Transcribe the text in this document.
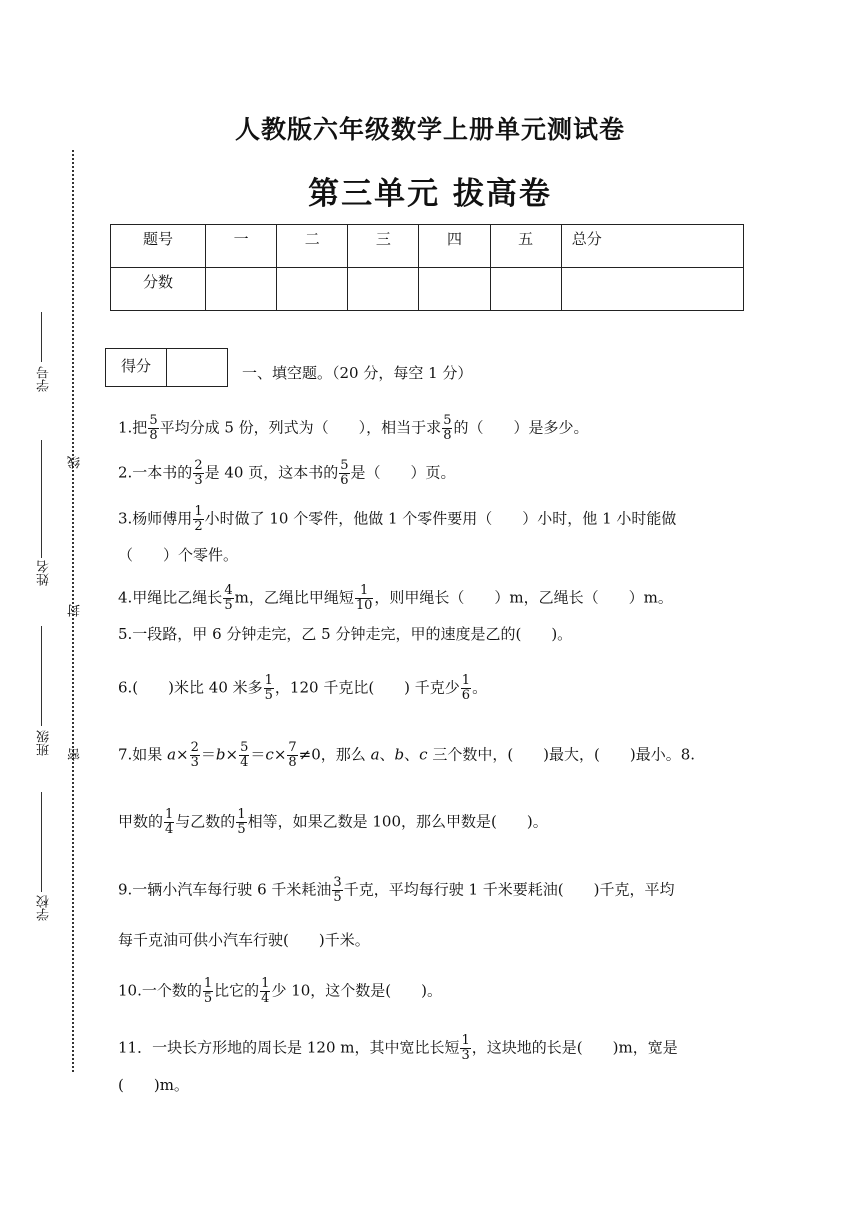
学号
姓名
班级
学校
线
封
密
人教版六年级数学上册单元测试卷
第三单元 拔高卷
题号	一	二	三	四	五	总分
分数						
得分	一、填空题。（20 分，每空 1 分）
1.把 $\frac{5}{8}$ 平均分成 5 份，列式为（　　），相当于求 $\frac{5}{8}$ 的（　　）是多少。
2.一本书的 $\frac{2}{3}$ 是 40 页，这本书的 $\frac{5}{6}$ 是（　　）页。
3.杨师傅用 $\frac{1}{2}$ 小时做了 10 个零件，他做 1 个零件要用（　　）小时，他 1 小时能做
（　　）个零件。
4.甲绳比乙绳长 $\frac{4}{5}$ m，乙绳比甲绳短 $\frac{1}{10}$ ，则甲绳长（　　）m，乙绳长（　　）m。
5.一段路，甲 6 分钟走完，乙 5 分钟走完，甲的速度是乙的(　　)。
6.(　　)米比 40 米多 $\frac{1}{5}$ ，120 千克比(　　) 千克少 $\frac{1}{6}$ 。
7.如果 $a\times \frac{2}{3} =b\times \frac{5}{4} =c\times \frac{7}{8} \ne 0$，那么 a、b、c 三个数中，(　　)最大，(　　)最小。8.
甲数的 $\frac{1}{4}$ 与乙数的 $\frac{1}{5}$ 相等，如果乙数是 100，那么甲数是(　　)。
9.一辆小汽车每行驶 6 千米耗油 $\frac{3}{5}$ 千克，平均每行驶 1 千米要耗油(　　)千克，平均
每千克油可供小汽车行驶(　　)千米。
10.一个数的 $\frac{1}{5}$ 比它的 $\frac{1}{4}$ 少 10，这个数是(　　)。
11．一块长方形地的周长是 120 m，其中宽比长短 $\frac{1}{3}$ ，这块地的长是(　　)m，宽是
(　　)m。
